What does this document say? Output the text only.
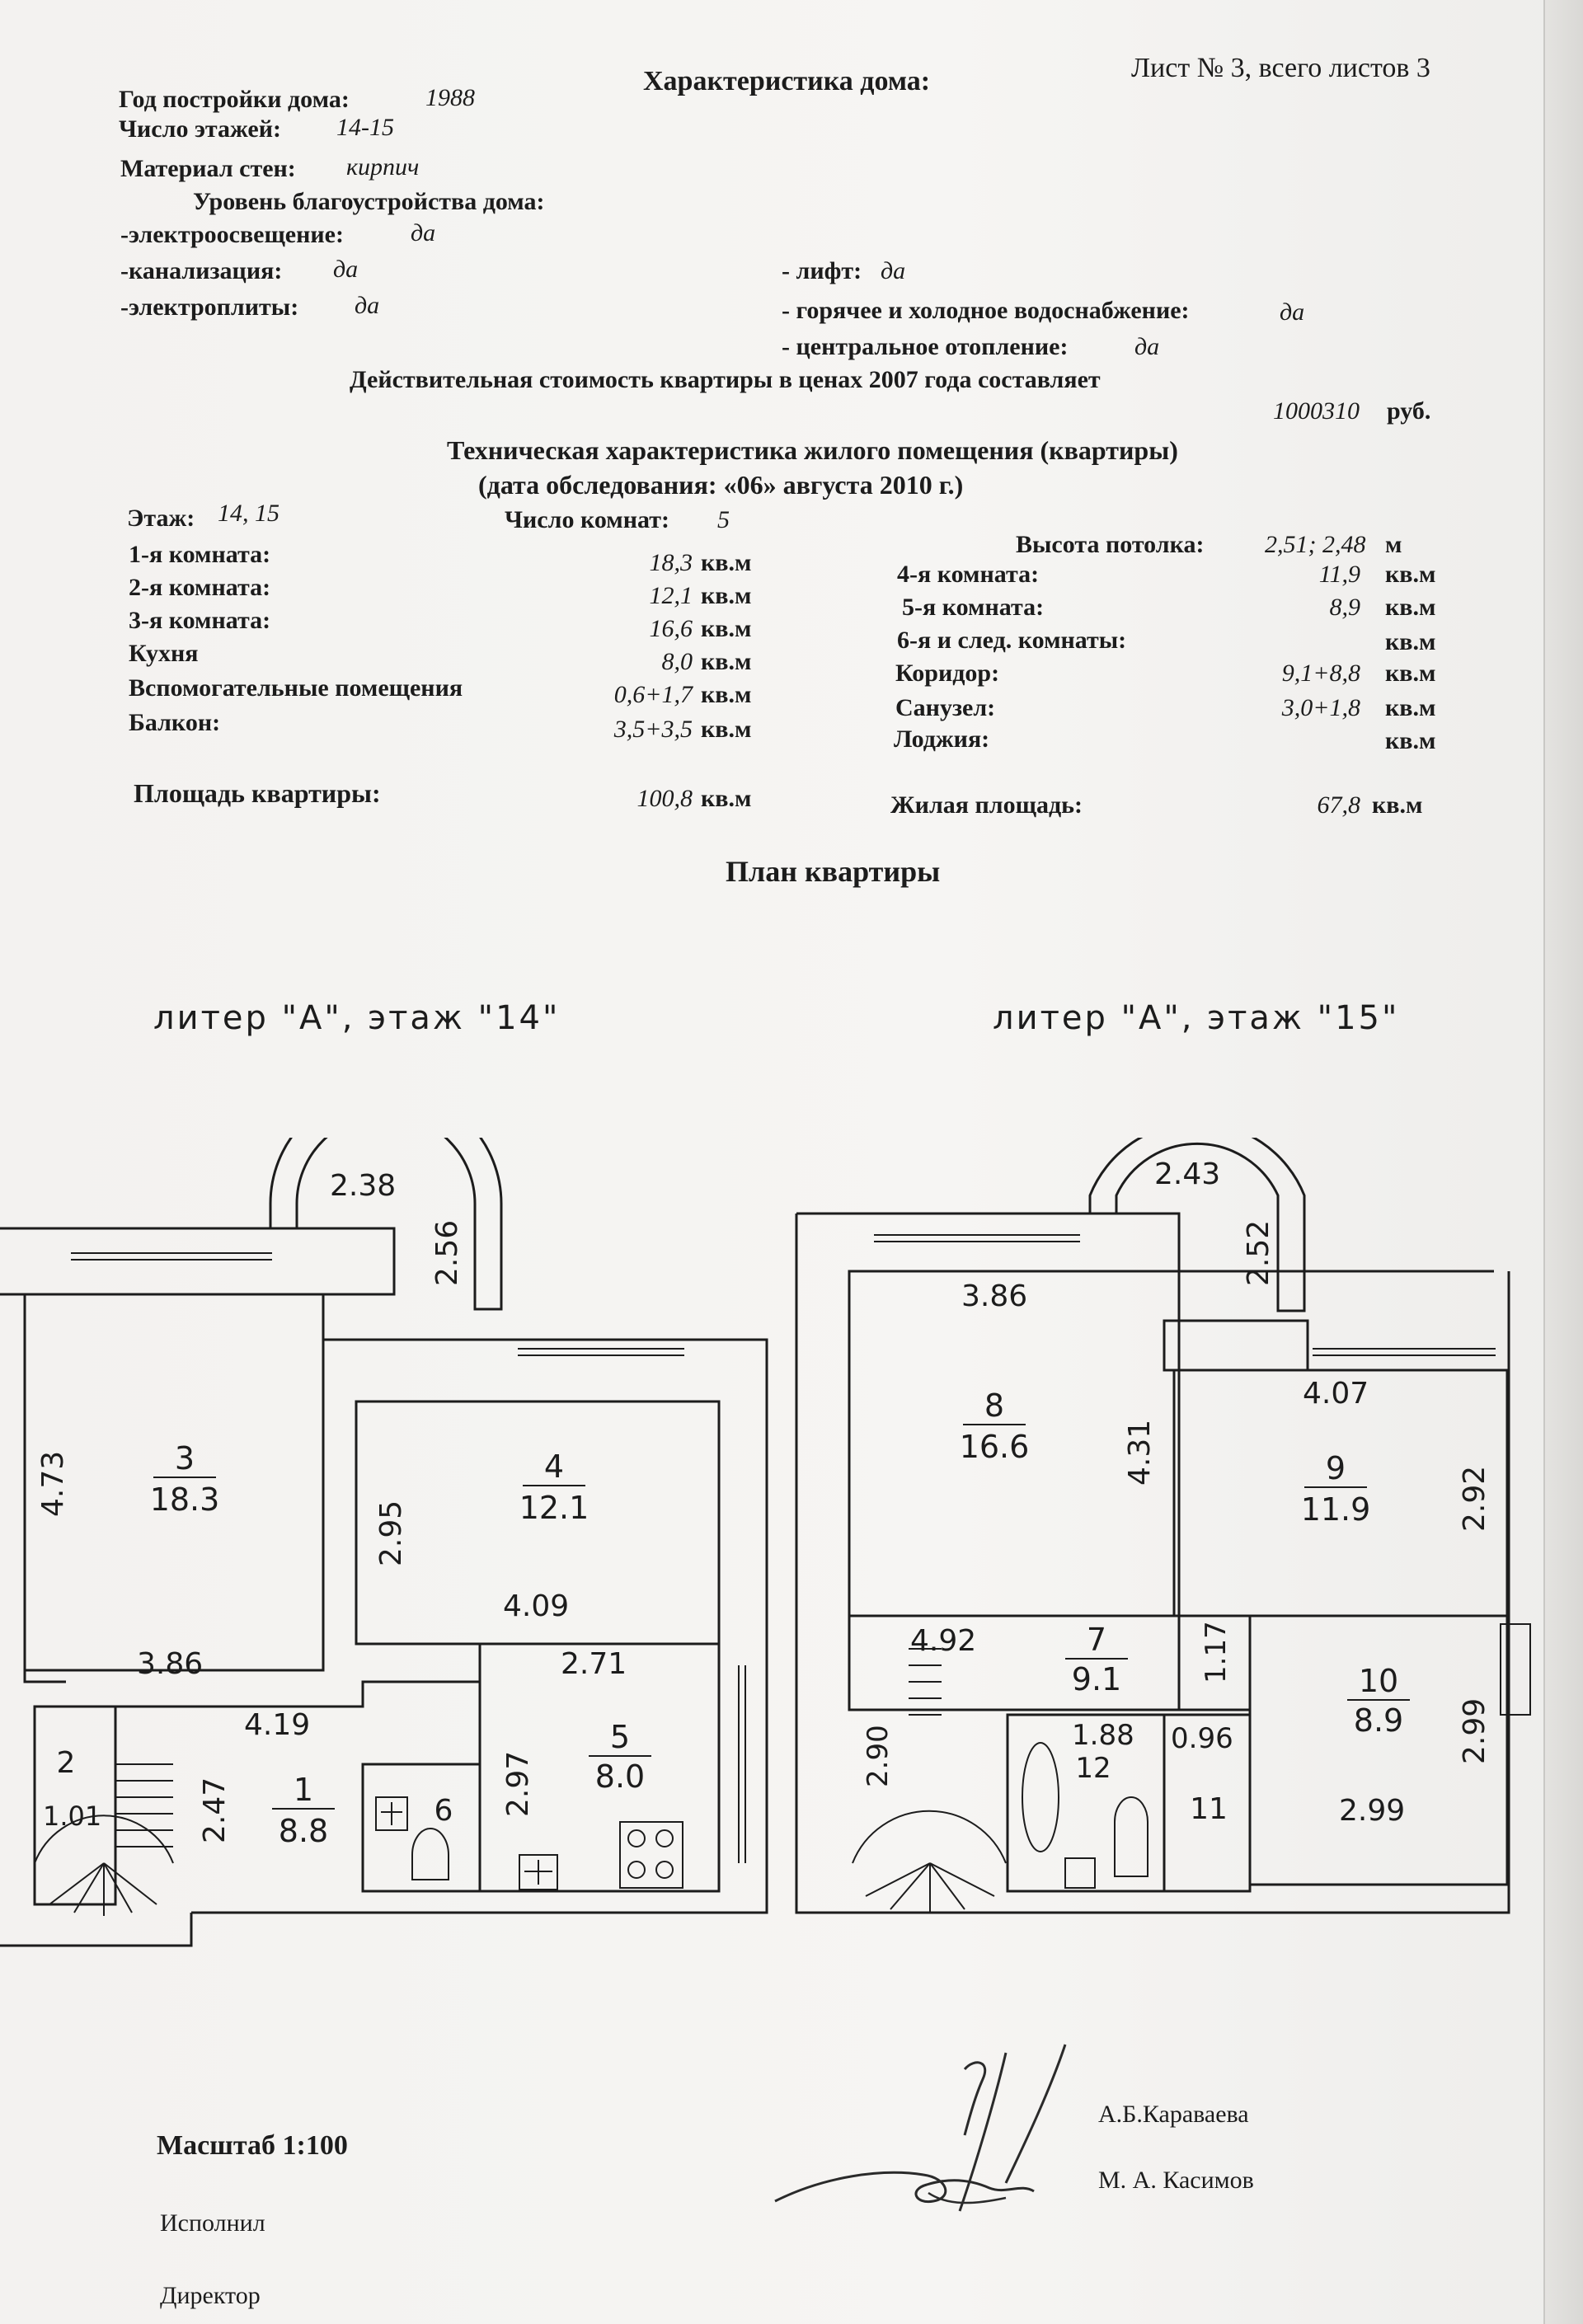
Лист № 3, всего листов 3
Характеристика дома:
Год постройки дома:	1988
Число этажей: 14-15
Материал стен: кирпич
Уровень благоустройства дома:
-электроосвещение:	да
-канализация: да
-электроплиты: да
- лифт: да
- горячее и холодное водоснабжение:	да
- центральное отопление:	да
Действительная стоимость квартиры в ценах 2007 года составляет
1000310 руб.
Техническая характеристика жилого помещения (квартиры)
(дата обследования: «06» августа 2010 г.)
Этаж: 14, 15	Число комнат: 5
Высота потолка: 2,51; 2,48 м
1-я комната:	18,3 кв.м
2-я комната:	12,1 кв.м
3-я комната:	16,6 кв.м
Кухня	8,0 кв.м
Вспомогательные помещения	0,6+1,7 кв.м
Балкон:	3,5+3,5 кв.м
4-я комната:	11,9 кв.м
5-я комната:	8,9 кв.м
6-я и след. комнаты:	кв.м
Коридор:	9,1+8,8 кв.м
Санузел:	3,0+1,8 кв.м
Лоджия:	кв.м
Площадь квартиры:	100,8 кв.м	Жилая площадь:	67,8 кв.м
План квартиры
литер "A", этаж "14"	литер "A", этаж "15"
2.38
2.56
4.73
2.95
4.09
3.86	2.71
4.19
2.97
2.47
1.01
3
18.3
4
12.1
5
8.0
1
8.8
2
6
2.43
2.52
3.86
4.31
4.07
2.92
4.92	1.17
2.99
2.90	1.88 0.96
2.99
8
16.6
9
11.9
7
9.1	10
8.9
12
11
Масштаб 1:100
Исполнил
Директор
А.Б.Караваева
М. А. Касимов
